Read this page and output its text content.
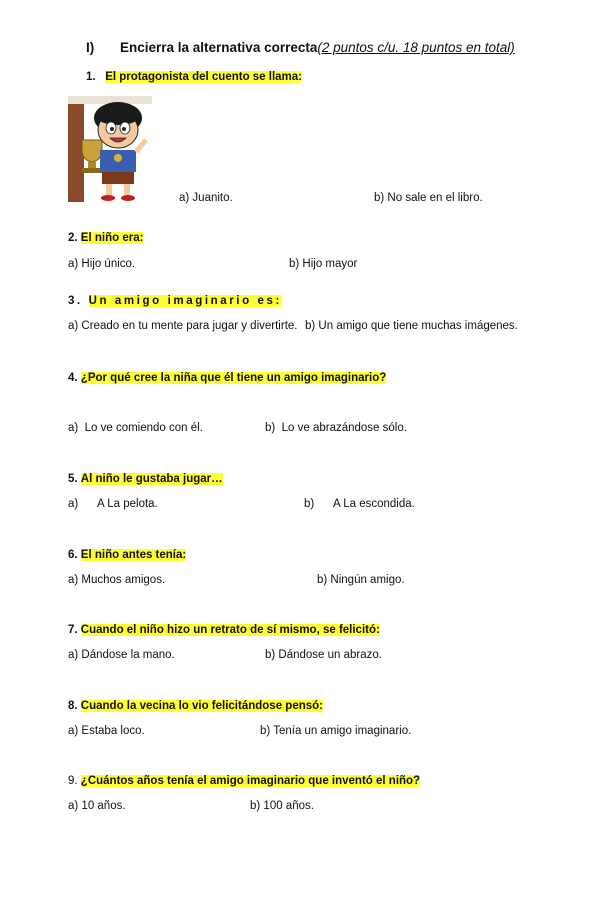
I) Encierra la alternativa correcta(2 puntos c/u. 18 puntos en total)
1. El protagonista del cuento se llama:
a) Juanito.	b) No sale en el libro.
2. El niño era:
a) Hijo único.	b) Hijo mayor
3. Un amigo imaginario es:
a) Creado en tu mente para jugar y divertirte. b) Un amigo que tiene muchas imágenes.
4. ¿Por qué cree la niña que él tiene un amigo imaginario?
a)  Lo ve comiendo con él.	b)  Lo ve abrazándose sólo.
5. Al niño le gustaba jugar…
a) A La pelota.	b) A La escondida.
6. El niño antes tenía:
a) Muchos amigos.	b) Ningún amigo.
7. Cuando el niño hizo un retrato de sí mismo, se felicitó:
a) Dándose la mano.	b) Dándose un abrazo.
8. Cuando la vecina lo vio felicitándose pensó:
a) Estaba loco.	b) Tenía un amigo imaginario.
9. ¿Cuántos años tenía el amigo imaginario que inventó el niño?
a) 10 años.	b) 100 años.
